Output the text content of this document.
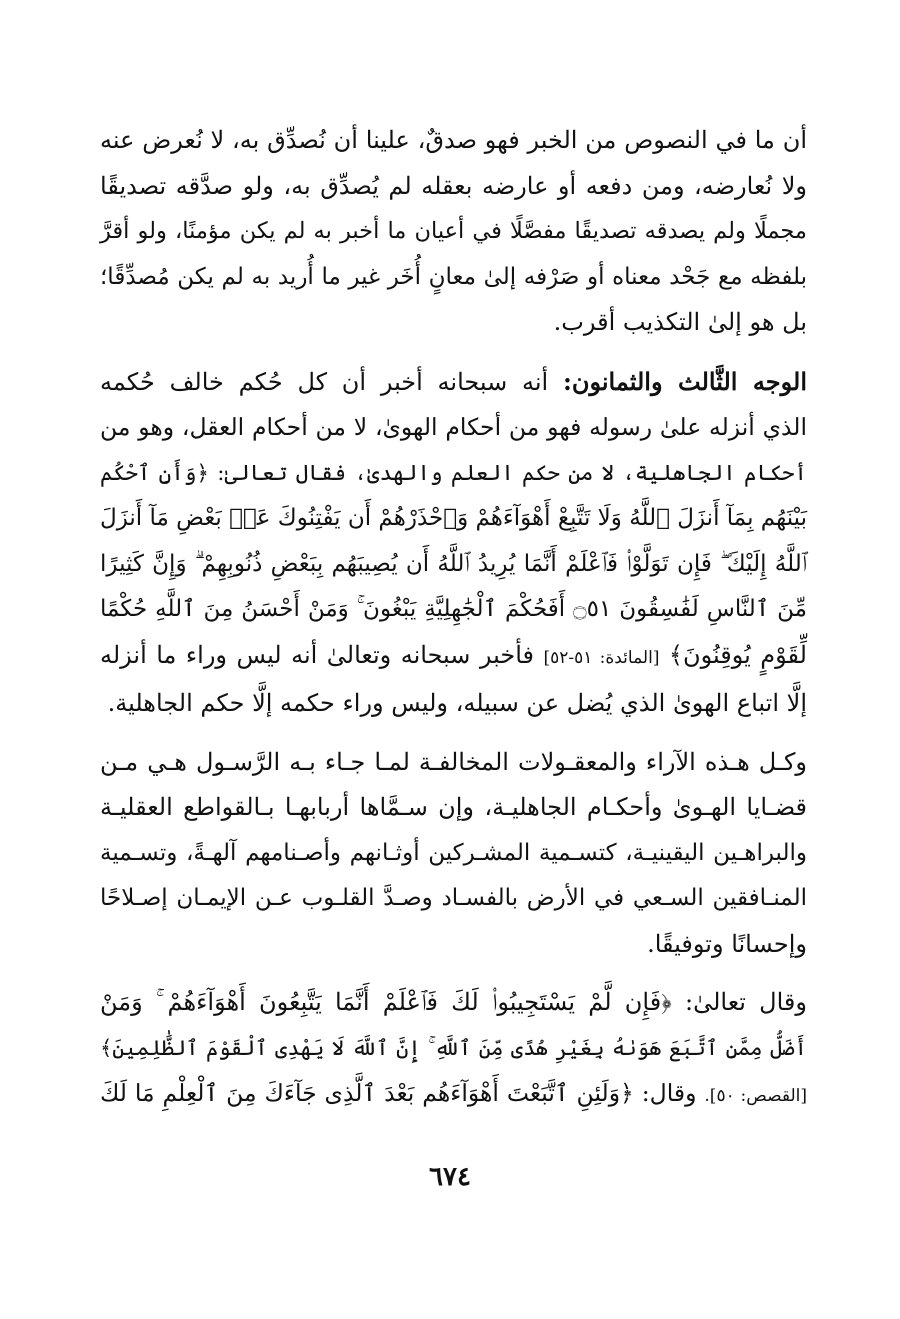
أن ما في النصوص من الخبر فهو صدقٌ، علينا أن نُصدِّق به، لا نُعرض عنه
ولا نُعارضه، ومن دفعه أو عارضه بعقله لم يُصدِّق به، ولو صدَّقه تصديقًا
مجملًا ولم يصدقه تصديقًا مفصَّلًا في أعيان ما أخبر به لم يكن مؤمنًا، ولو أقرَّ
بلفظه مع جَحْد معناه أو صَرْفه إلىٰ معانٍ أُخَر غير ما أُريد به لم يكن مُصدِّقًا؛
بل هو إلىٰ التكذيب أقرب.
الوجه الثَّالث والثمانون: أنه سبحانه أخبر أن كل حُكم خالف حُكمه
الذي أنزله علىٰ رسوله فهو من أحكام الهوىٰ، لا من أحكام العقل، وهو من
أحكام الجاهلية، لا من حكم العلم والهدىٰ، فقال تعالىٰ: ﴿وَأَنِ ٱحْكُم
بَيْنَهُم بِمَآ أَنزَلَ ٱللَّهُ وَلَا تَتَّبِعْ أَهْوَآءَهُمْ وَٱحْذَرْهُمْ أَن يَفْتِنُوكَ عَنۢ بَعْضِ مَآ أَنزَلَ
ٱللَّهُ إِلَيْكَ ۖ فَإِن تَوَلَّوْا۟ فَٱعْلَمْ أَنَّمَا يُرِيدُ ٱللَّهُ أَن يُصِيبَهُم بِبَعْضِ ذُنُوبِهِمْ ۗ وَإِنَّ كَثِيرًا
مِّنَ ٱلنَّاسِ لَفَٰسِقُونَ ۝٥١ أَفَحُكْمَ ٱلْجَٰهِلِيَّةِ يَبْغُونَ ۚ وَمَنْ أَحْسَنُ مِنَ ٱللَّهِ حُكْمًا
لِّقَوْمٍ يُوقِنُونَ﴾ [المائدة: ٥١-٥٢] فأخبر سبحانه وتعالىٰ أنه ليس وراء ما أنزله
إلَّا اتباع الهوىٰ الذي يُضل عن سبيله، وليس وراء حكمه إلَّا حكم الجاهلية.
وكـل هـذه الآراء والمعقـولات المخالفـة لمـا جـاء بـه الرَّسـول هـي مـن
قضـايا الهـوىٰ وأحكـام الجاهليـة، وإن سـمَّاها أربابهـا بـالقواطع العقليـة
والبراهـين اليقينيـة، كتسـمية المشـركين أوثـانهم وأصـنامهم آلهـةً، وتسـمية
المنـافقين السـعي في الأرض بالفسـاد وصـدَّ القلـوب عـن الإيمـان إصـلاحًا
وإحسانًا وتوفيقًا.
وقال تعالىٰ: ﴿فَإِن لَّمْ يَسْتَجِيبُوا۟ لَكَ فَٱعْلَمْ أَنَّمَا يَتَّبِعُونَ أَهْوَآءَهُمْ ۚ وَمَنْ
أَضَلُّ مِمَّنِ ٱتَّبَعَ هَوَىٰهُ بِغَيْرِ هُدًى مِّنَ ٱللَّهِ ۚ إِنَّ ٱللَّهَ لَا يَهْدِى ٱلْقَوْمَ ٱلظَّٰلِمِينَ﴾
[القصص: ٥٠]. وقال: ﴿وَلَئِنِ ٱتَّبَعْتَ أَهْوَآءَهُم بَعْدَ ٱلَّذِى جَآءَكَ مِنَ ٱلْعِلْمِ مَا لَكَ
٦٧٤
